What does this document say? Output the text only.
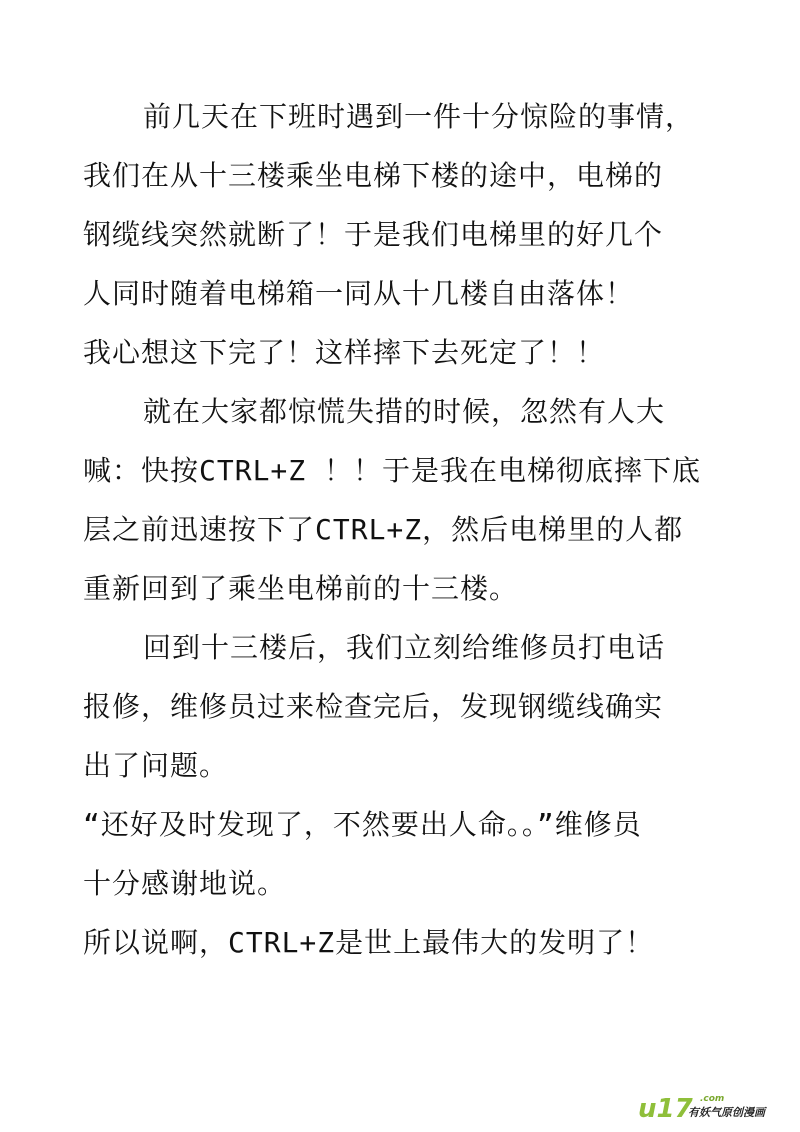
前几天在下班时遇到一件十分惊险的事情，
我们在从十三楼乘坐电梯下楼的途中，电梯的
钢缆线突然就断了！于是我们电梯里的好几个
人同时随着电梯箱一同从十几楼自由落体！
我心想这下完了！这样摔下去死定了！！
就在大家都惊慌失措的时候，忽然有人大
喊：快按CTRL+Z ！！于是我在电梯彻底摔下底
层之前迅速按下了CTRL+Z，然后电梯里的人都
重新回到了乘坐电梯前的十三楼。
回到十三楼后，我们立刻给维修员打电话
报修，维修员过来检查完后，发现钢缆线确实
出了问题。
“还好及时发现了，不然要出人命。。”维修员
十分感谢地说。
所以说啊，CTRL+Z是世上最伟大的发明了！
u17 .com
有妖气原创漫画
